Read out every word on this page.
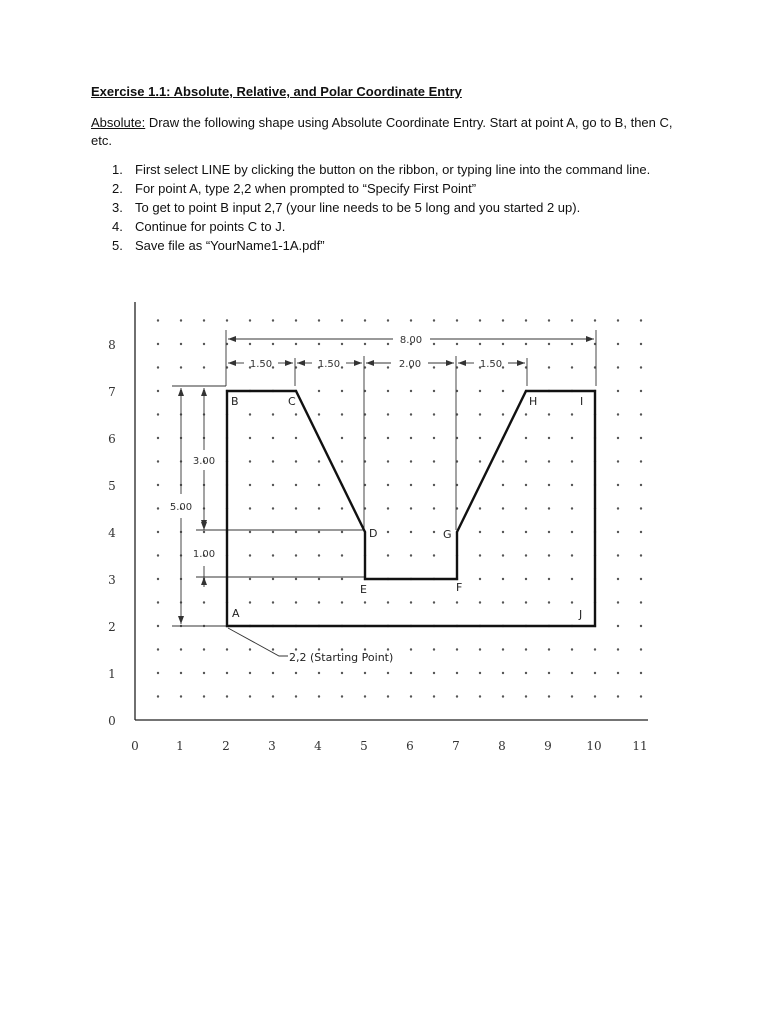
Exercise 1.1: Absolute, Relative, and Polar Coordinate Entry
Absolute: Draw the following shape using Absolute Coordinate Entry. Start at point A, go to B, then C, etc.
1. First select LINE by clicking the button on the ribbon, or typing line into the command line.
2. For point A, type 2,2 when prompted to “Specify First Point”
3. To get to point B input 2,7 (your line needs to be 5 long and you started 2 up).
4. Continue for points C to J.
5. Save file as “YourName1-1A.pdf”
0	1	2	3	4	5	6	7	8	9	10	11
0
1
2
3
4
5
6
7
8	8.00
1.50	1.50	2.00	1.50
5.00
3.00
1.00
A
B	C
D
E	F
G
H	I
J
2,2 (Starting Point)
